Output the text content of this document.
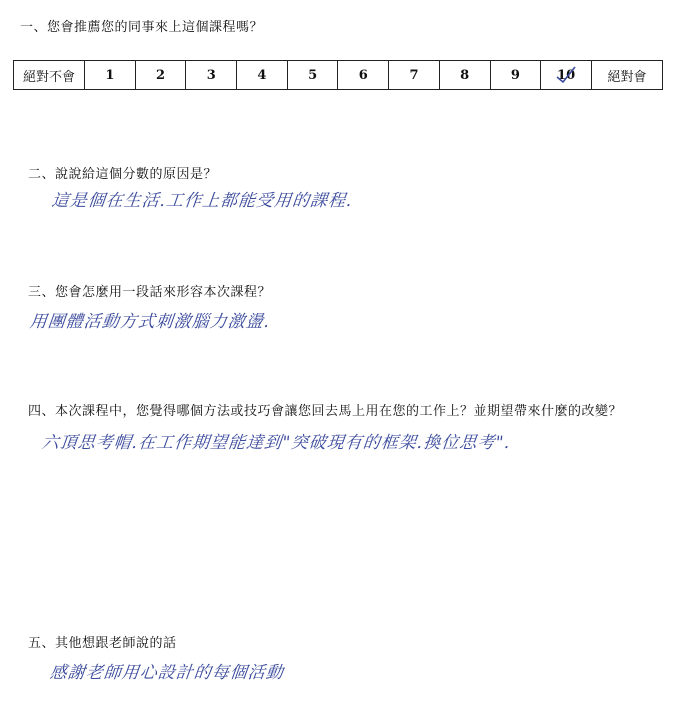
一、您會推薦您的同事來上這個課程嗎？
絕對不會	1	2	3	4	5	6	7	8	9	10	絕對會
二、說說給這個分數的原因是？
這是個在生活.工作上都能受用的課程.
三、您會怎麼用一段話來形容本次課程？
用團體活動方式刺激腦力激盪.
四、本次課程中，您覺得哪個方法或技巧會讓您回去馬上用在您的工作上？並期望帶來什麼的改變？
六頂思考帽.在工作期望能達到"突破現有的框架.換位思考".
五、其他想跟老師說的話
感謝老師用心設計的每個活動
